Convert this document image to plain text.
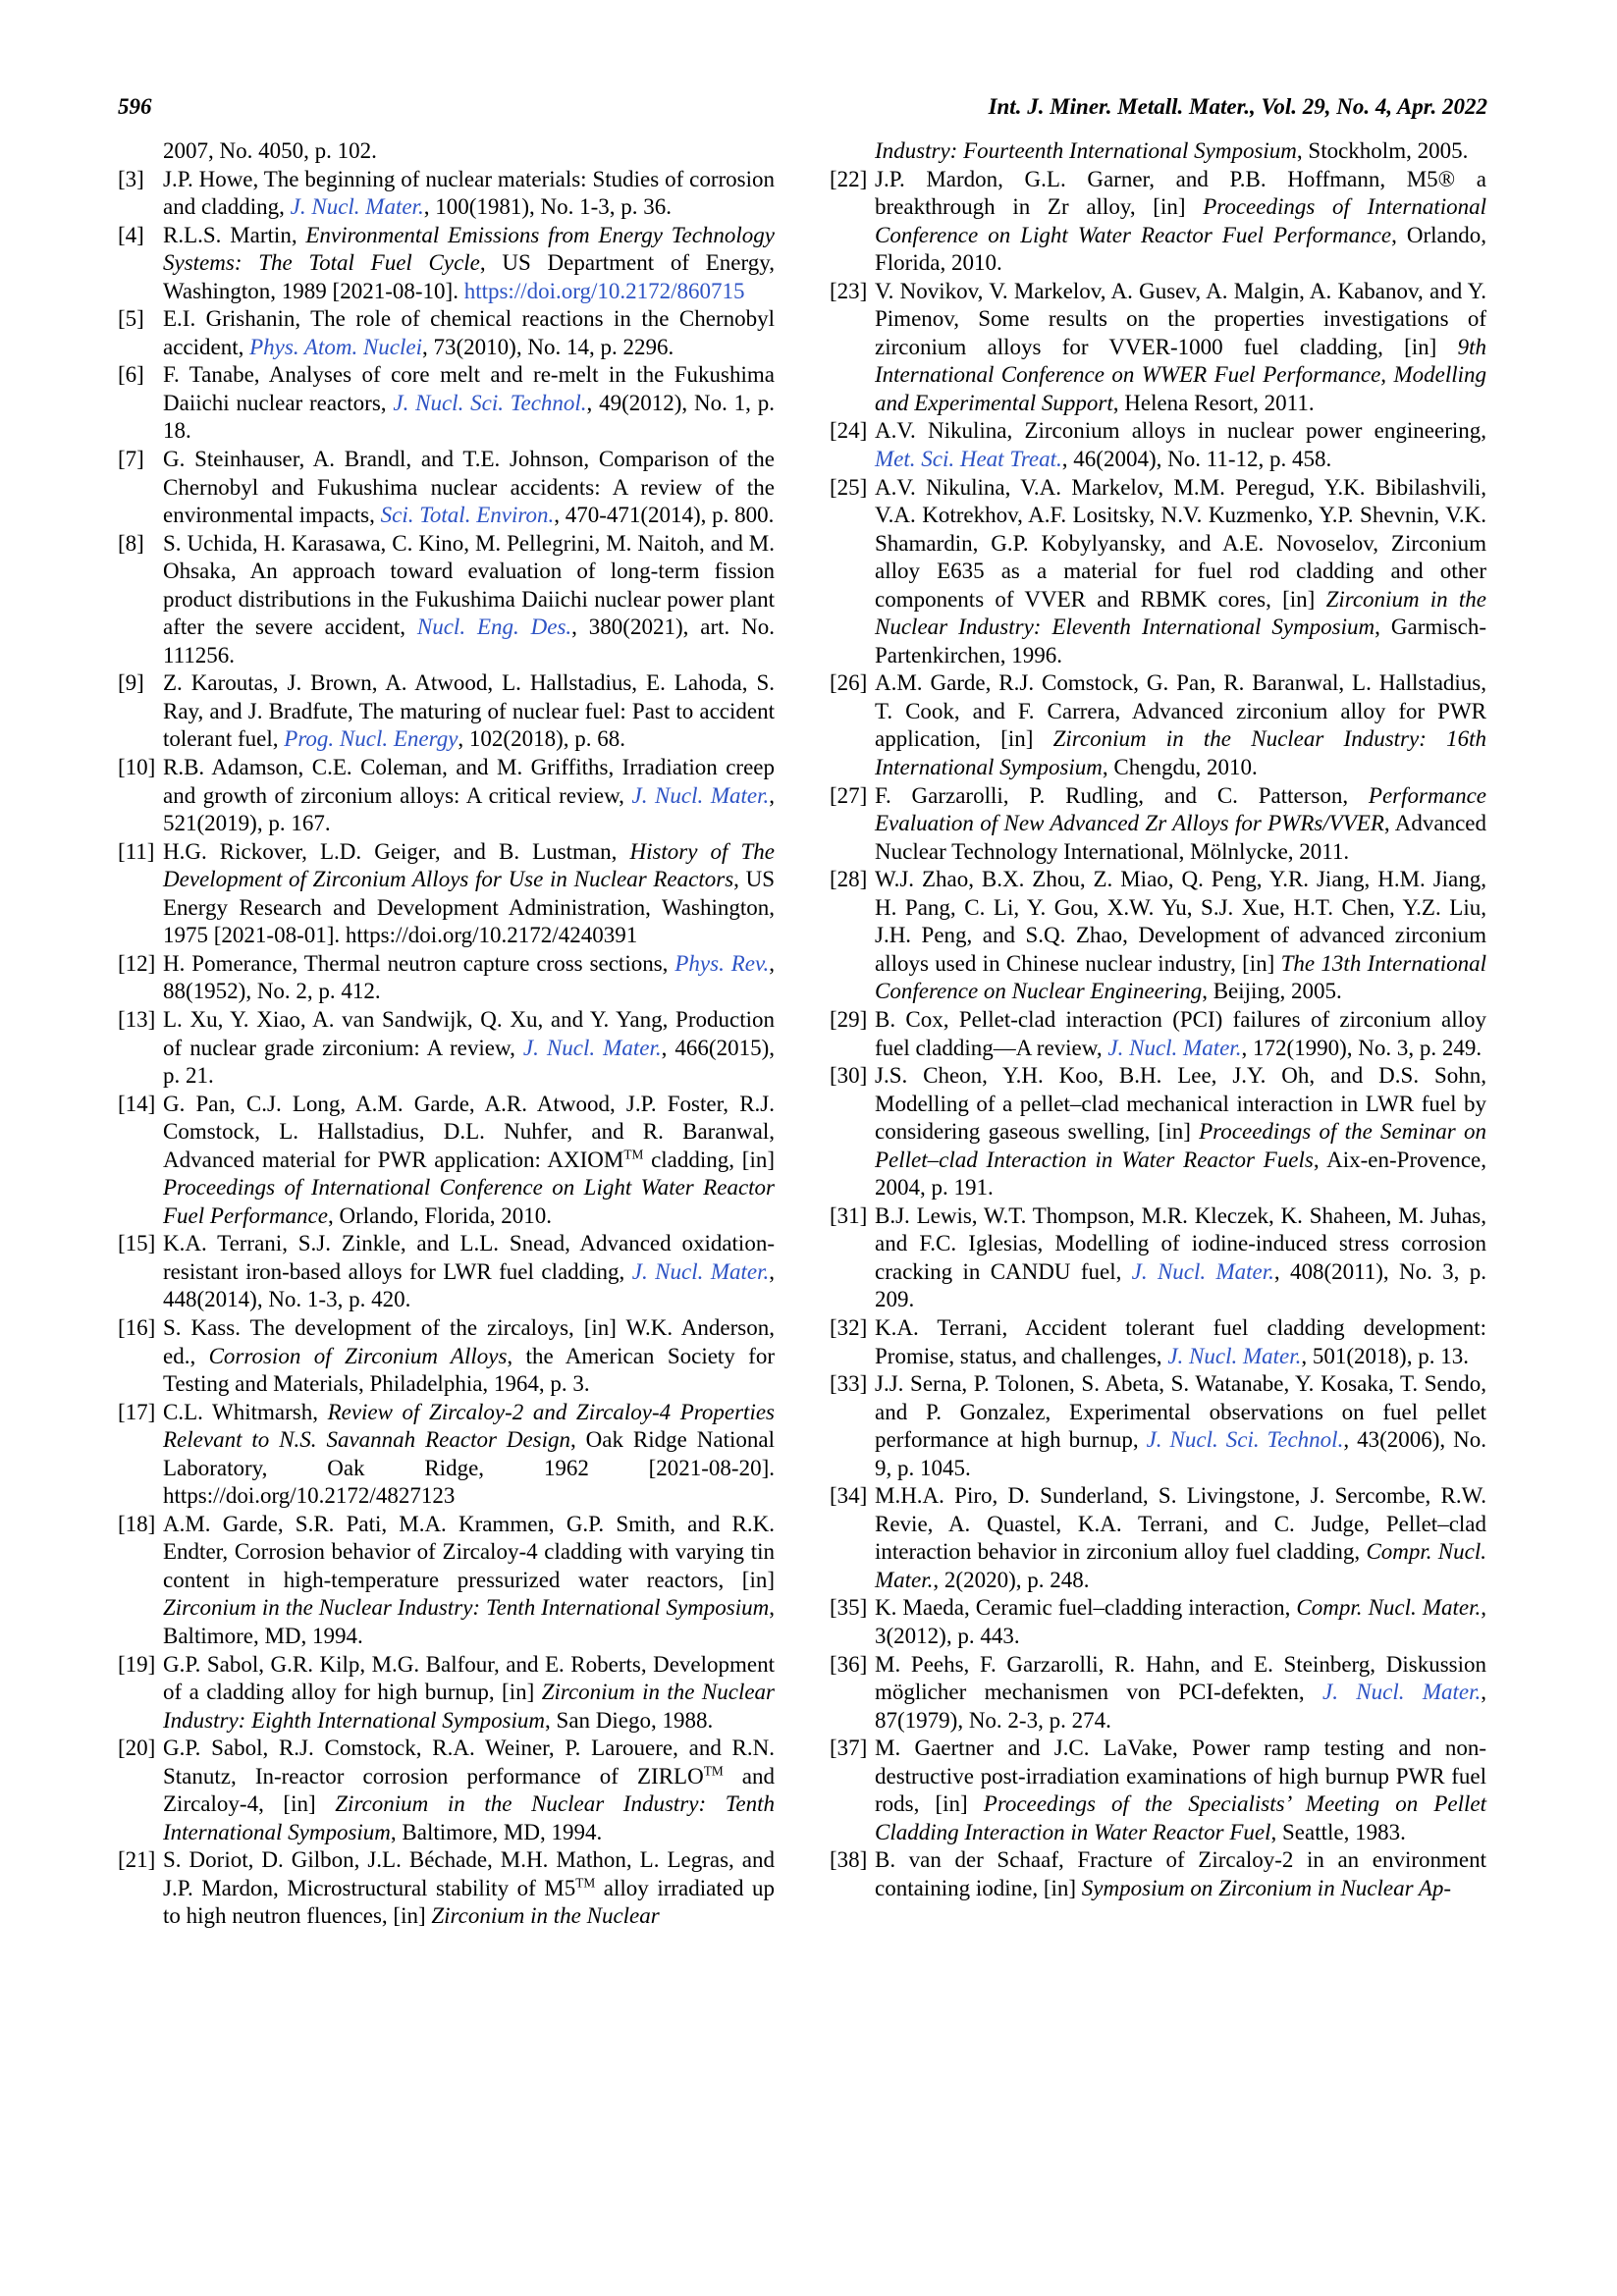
596	Int. J. Miner. Metall. Mater., Vol. 29, No. 4, Apr. 2022
2007, No. 4050, p. 102.
[3] J.P. Howe, The beginning of nuclear materials: Studies of corrosion and cladding, J. Nucl. Mater., 100(1981), No. 1-3, p. 36.
[4] R.L.S. Martin, Environmental Emissions from Energy Technology Systems: The Total Fuel Cycle, US Department of Energy, Washington, 1989 [2021-08-10]. https://doi.org/10.2172/860715
[5] E.I. Grishanin, The role of chemical reactions in the Chernobyl accident, Phys. Atom. Nuclei, 73(2010), No. 14, p. 2296.
[6] F. Tanabe, Analyses of core melt and re-melt in the Fukushima Daiichi nuclear reactors, J. Nucl. Sci. Technol., 49(2012), No. 1, p. 18.
[7] G. Steinhauser, A. Brandl, and T.E. Johnson, Comparison of the Chernobyl and Fukushima nuclear accidents: A review of the environmental impacts, Sci. Total. Environ., 470-471(2014), p. 800.
[8] S. Uchida, H. Karasawa, C. Kino, M. Pellegrini, M. Naitoh, and M. Ohsaka, An approach toward evaluation of long-term fission product distributions in the Fukushima Daiichi nuclear power plant after the severe accident, Nucl. Eng. Des., 380(2021), art. No. 111256.
[9] Z. Karoutas, J. Brown, A. Atwood, L. Hallstadius, E. Lahoda, S. Ray, and J. Bradfute, The maturing of nuclear fuel: Past to accident tolerant fuel, Prog. Nucl. Energy, 102(2018), p. 68.
[10] R.B. Adamson, C.E. Coleman, and M. Griffiths, Irradiation creep and growth of zirconium alloys: A critical review, J. Nucl. Mater., 521(2019), p. 167.
[11] H.G. Rickover, L.D. Geiger, and B. Lustman, History of The Development of Zirconium Alloys for Use in Nuclear Reactors, US Energy Research and Development Administration, Washington, 1975 [2021-08-01]. https://doi.org/10.2172/4240391
[12] H. Pomerance, Thermal neutron capture cross sections, Phys. Rev., 88(1952), No. 2, p. 412.
[13] L. Xu, Y. Xiao, A. van Sandwijk, Q. Xu, and Y. Yang, Production of nuclear grade zirconium: A review, J. Nucl. Mater., 466(2015), p. 21.
[14] G. Pan, C.J. Long, A.M. Garde, A.R. Atwood, J.P. Foster, R.J. Comstock, L. Hallstadius, D.L. Nuhfer, and R. Baranwal, Advanced material for PWR application: AXIOM™ cladding, [in] Proceedings of International Conference on Light Water Reactor Fuel Performance, Orlando, Florida, 2010.
[15] K.A. Terrani, S.J. Zinkle, and L.L. Snead, Advanced oxidation-resistant iron-based alloys for LWR fuel cladding, J. Nucl. Mater., 448(2014), No. 1-3, p. 420.
[16] S. Kass. The development of the zircaloys, [in] W.K. Anderson, ed., Corrosion of Zirconium Alloys, the American Society for Testing and Materials, Philadelphia, 1964, p. 3.
[17] C.L. Whitmarsh, Review of Zircaloy-2 and Zircaloy-4 Properties Relevant to N.S. Savannah Reactor Design, Oak Ridge National Laboratory, Oak Ridge, 1962 [2021-08-20]. https://doi.org/10.2172/4827123
[18] A.M. Garde, S.R. Pati, M.A. Krammen, G.P. Smith, and R.K. Endter, Corrosion behavior of Zircaloy-4 cladding with varying tin content in high-temperature pressurized water reactors, [in] Zirconium in the Nuclear Industry: Tenth International Symposium, Baltimore, MD, 1994.
[19] G.P. Sabol, G.R. Kilp, M.G. Balfour, and E. Roberts, Development of a cladding alloy for high burnup, [in] Zirconium in the Nuclear Industry: Eighth International Symposium, San Diego, 1988.
[20] G.P. Sabol, R.J. Comstock, R.A. Weiner, P. Larouere, and R.N. Stanutz, In-reactor corrosion performance of ZIRLO™ and Zircaloy-4, [in] Zirconium in the Nuclear Industry: Tenth International Symposium, Baltimore, MD, 1994.
[21] S. Doriot, D. Gilbon, J.L. Béchade, M.H. Mathon, L. Legras, and J.P. Mardon, Microstructural stability of M5™ alloy irradiated up to high neutron fluences, [in] Zirconium in the Nuclear
Industry: Fourteenth International Symposium, Stockholm, 2005.
[22] J.P. Mardon, G.L. Garner, and P.B. Hoffmann, M5® a breakthrough in Zr alloy, [in] Proceedings of International Conference on Light Water Reactor Fuel Performance, Orlando, Florida, 2010.
[23] V. Novikov, V. Markelov, A. Gusev, A. Malgin, A. Kabanov, and Y. Pimenov, Some results on the properties investigations of zirconium alloys for VVER-1000 fuel cladding, [in] 9th International Conference on WWER Fuel Performance, Modelling and Experimental Support, Helena Resort, 2011.
[24] A.V. Nikulina, Zirconium alloys in nuclear power engineering, Met. Sci. Heat Treat., 46(2004), No. 11-12, p. 458.
[25] A.V. Nikulina, V.A. Markelov, M.M. Peregud, Y.K. Bibilashvili, V.A. Kotrekhov, A.F. Lositsky, N.V. Kuzmenko, Y.P. Shevnin, V.K. Shamardin, G.P. Kobylyansky, and A.E. Novoselov, Zirconium alloy E635 as a material for fuel rod cladding and other components of VVER and RBMK cores, [in] Zirconium in the Nuclear Industry: Eleventh International Symposium, Garmisch-Partenkirchen, 1996.
[26] A.M. Garde, R.J. Comstock, G. Pan, R. Baranwal, L. Hallstadius, T. Cook, and F. Carrera, Advanced zirconium alloy for PWR application, [in] Zirconium in the Nuclear Industry: 16th International Symposium, Chengdu, 2010.
[27] F. Garzarolli, P. Rudling, and C. Patterson, Performance Evaluation of New Advanced Zr Alloys for PWRs/VVER, Advanced Nuclear Technology International, Mölnlycke, 2011.
[28] W.J. Zhao, B.X. Zhou, Z. Miao, Q. Peng, Y.R. Jiang, H.M. Jiang, H. Pang, C. Li, Y. Gou, X.W. Yu, S.J. Xue, H.T. Chen, Y.Z. Liu, J.H. Peng, and S.Q. Zhao, Development of advanced zirconium alloys used in Chinese nuclear industry, [in] The 13th International Conference on Nuclear Engineering, Beijing, 2005.
[29] B. Cox, Pellet-clad interaction (PCI) failures of zirconium alloy fuel cladding—A review, J. Nucl. Mater., 172(1990), No. 3, p. 249.
[30] J.S. Cheon, Y.H. Koo, B.H. Lee, J.Y. Oh, and D.S. Sohn, Modelling of a pellet–clad mechanical interaction in LWR fuel by considering gaseous swelling, [in] Proceedings of the Seminar on Pellet–clad Interaction in Water Reactor Fuels, Aix-en-Provence, 2004, p. 191.
[31] B.J. Lewis, W.T. Thompson, M.R. Kleczek, K. Shaheen, M. Juhas, and F.C. Iglesias, Modelling of iodine-induced stress corrosion cracking in CANDU fuel, J. Nucl. Mater., 408(2011), No. 3, p. 209.
[32] K.A. Terrani, Accident tolerant fuel cladding development: Promise, status, and challenges, J. Nucl. Mater., 501(2018), p. 13.
[33] J.J. Serna, P. Tolonen, S. Abeta, S. Watanabe, Y. Kosaka, T. Sendo, and P. Gonzalez, Experimental observations on fuel pellet performance at high burnup, J. Nucl. Sci. Technol., 43(2006), No. 9, p. 1045.
[34] M.H.A. Piro, D. Sunderland, S. Livingstone, J. Sercombe, R.W. Revie, A. Quastel, K.A. Terrani, and C. Judge, Pellet–clad interaction behavior in zirconium alloy fuel cladding, Compr. Nucl. Mater., 2(2020), p. 248.
[35] K. Maeda, Ceramic fuel–cladding interaction, Compr. Nucl. Mater., 3(2012), p. 443.
[36] M. Peehs, F. Garzarolli, R. Hahn, and E. Steinberg, Diskussion möglicher mechanismen von PCI-defekten, J. Nucl. Mater., 87(1979), No. 2-3, p. 274.
[37] M. Gaertner and J.C. LaVake, Power ramp testing and non-destructive post-irradiation examinations of high burnup PWR fuel rods, [in] Proceedings of the Specialists’ Meeting on Pellet Cladding Interaction in Water Reactor Fuel, Seattle, 1983.
[38] B. van der Schaaf, Fracture of Zircaloy-2 in an environment containing iodine, [in] Symposium on Zirconium in Nuclear Ap-
